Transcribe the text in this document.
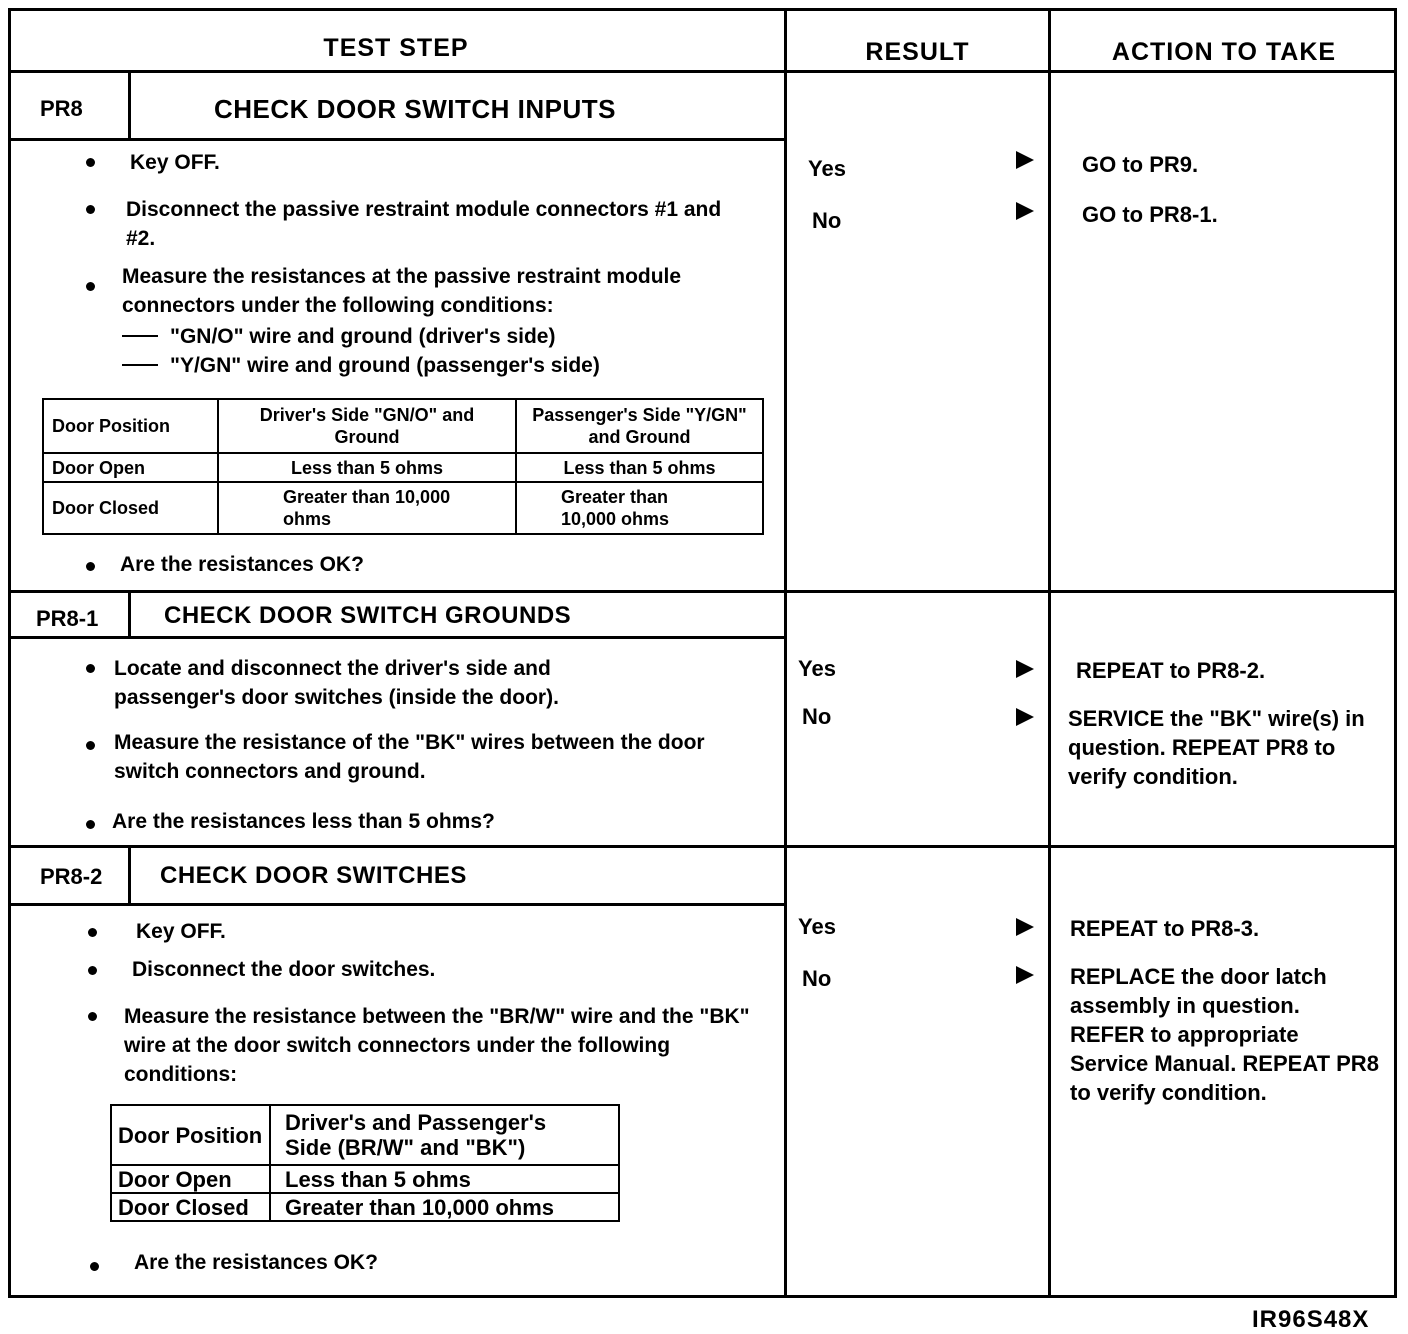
TEST STEP	RESULT	ACTION TO TAKE
PR8	CHECK DOOR SWITCH INPUTS
Key OFF.
Disconnect the passive restraint module connectors #1 and #2.
Measure the resistances at the passive restraint module connectors under the following conditions:
"GN/O" wire and ground (driver's side)
"Y/GN" wire and ground (passenger's side)
Door Position	Driver's Side "GN/O" and Ground	Passenger's Side "Y/GN" and Ground
Door Open	Less than 5 ohms	Less than 5 ohms
Door Closed	Greater than 10,000 ohms	Greater than 10,000 ohms
Are the resistances OK?
Yes	GO to PR9.
No	GO to PR8-1.
PR8-1	CHECK DOOR SWITCH GROUNDS
Locate and disconnect the driver's side and passenger's door switches (inside the door).
Measure the resistance of the "BK" wires between the door switch connectors and ground.
Are the resistances less than 5 ohms?
Yes	REPEAT to PR8-2.
No	SERVICE the "BK" wire(s) in question. REPEAT PR8 to verify condition.
PR8-2 CHECK DOOR SWITCHES
Key OFF.
Disconnect the door switches.
Measure the resistance between the "BR/W" wire and the "BK" wire at the door switch connectors under the following conditions:
Door Position	Driver's and Passenger's Side (BR/W" and "BK")
Door Open	Less than 5 ohms
Door Closed	Greater than 10,000 ohms
Are the resistances OK?
Yes	REPEAT to PR8-3.
No	REPLACE the door latch assembly in question. REFER to appropriate Service Manual. REPEAT PR8 to verify condition.
IR96S48X
